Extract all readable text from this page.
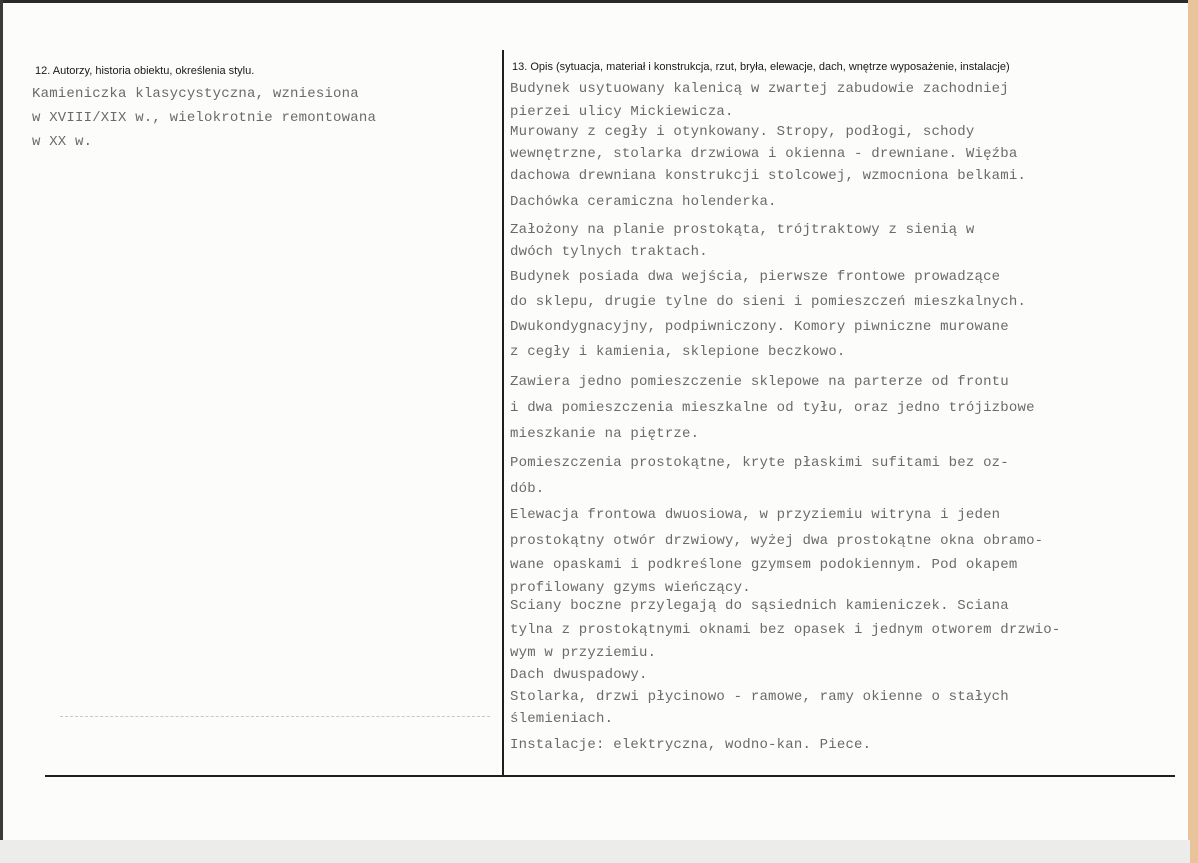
12. Autorzy, historia obiektu, określenia stylu.
Kamieniczka klasycystyczna, wzniesiona
w XVIII/XIX w., wielokrotnie remontowana
w XX w.
13. Opis (sytuacja, materiał i konstrukcja, rzut, bryła, elewacje, dach, wnętrze wyposażenie, instalacje)
Budynek usytuowany kalenicą w zwartej zabudowie zachodniej
pierzei ulicy Mickiewicza.
Murowany z cegły i otynkowany. Stropy, podłogi, schody
wewnętrzne, stolarka drzwiowa i okienna - drewniane. Więźba
dachowa drewniana konstrukcji stolcowej, wzmocniona belkami.
Dachówka ceramiczna holenderka.
Założony na planie prostokąta, trójtraktowy z sienią w
dwóch tylnych traktach.
Budynek posiada dwa wejścia, pierwsze frontowe prowadzące
do sklepu, drugie tylne do sieni i pomieszczeń mieszkalnych.
Dwukondygnacyjny, podpiwniczony. Komory piwniczne murowane
z cegły i kamienia, sklepione beczkowo.
Zawiera jedno pomieszczenie sklepowe na parterze od frontu
i dwa pomieszczenia mieszkalne od tyłu, oraz jedno trójizbowe
mieszkanie na piętrze.
Pomieszczenia prostokątne, kryte płaskimi sufitami bez oz-
dób.
Elewacja frontowa dwuosiowa, w przyziemiu witryna i jeden
prostokątny otwór drzwiowy, wyżej dwa prostokątne okna obramo-
wane opaskami i podkreślone gzymsem podokiennym. Pod okapem
profilowany gzyms wieńczący.
Sciany boczne przylegają do sąsiednich kamieniczek. Sciana
tylna z prostokątnymi oknami bez opasek i jednym otworem drzwio-
wym w przyziemiu.
Dach dwuspadowy.
Stolarka, drzwi płycinowo - ramowe, ramy okienne o stałych
ślemieniach.
Instalacje: elektryczna, wodno-kan. Piece.
